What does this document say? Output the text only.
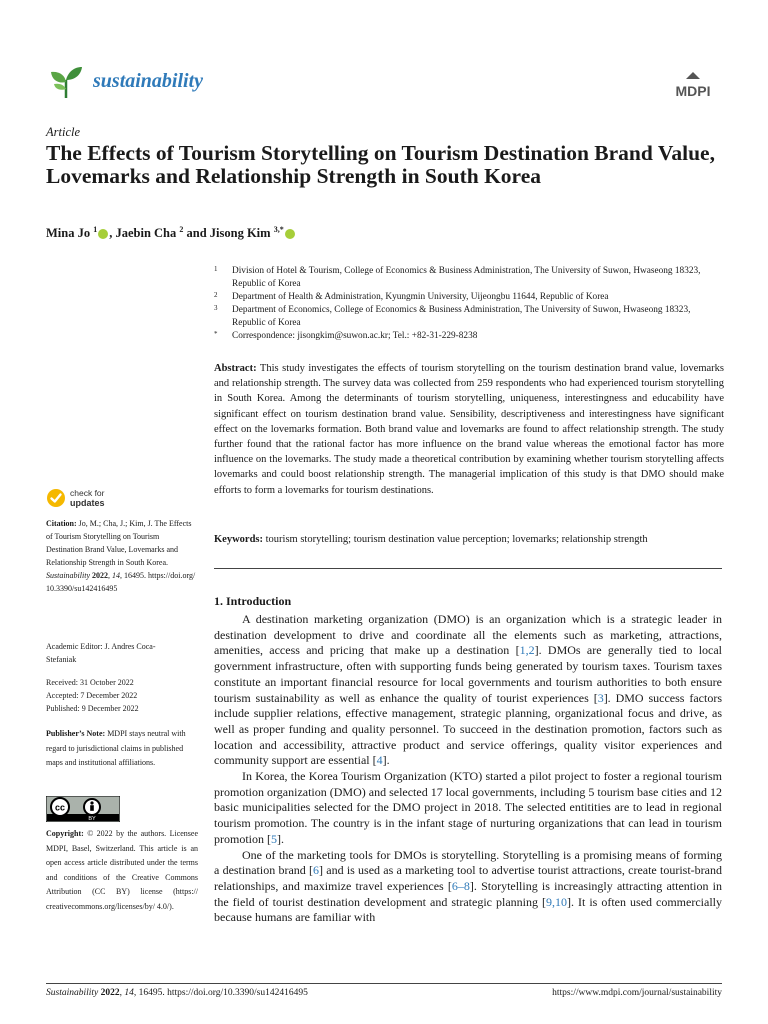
sustainability	MDPI
Article
The Effects of Tourism Storytelling on Tourism Destination Brand Value, Lovemarks and Relationship Strength in South Korea
Mina Jo $^1$ , Jaebin Cha $^2$ and Jisong Kim $^{3,*}$
1	Division of Hotel & Tourism, College of Economics & Business Administration, The University of Suwon, Hwaseong 18323, Republic of Korea
2	Department of Health & Administration, Kyungmin University, Uijeongbu 11644, Republic of Korea
3	Department of Economics, College of Economics & Business Administration, The University of Suwon, Hwaseong 18323, Republic of Korea
*	Correspondence: jisongkim@suwon.ac.kr; Tel.: +82-31-229-8238
Abstract: This study investigates the effects of tourism storytelling on the tourism destination brand value, lovemarks and relationship strength. The survey data was collected from 259 respondents who had experienced tourism storytelling in South Korea. Among the determinants of tourism storytelling, uniqueness, interestingness and educability have significant effect on tourism destination brand value. Sensibility, descriptiveness and interestingness have significant effect on the lovemarks formation. Both brand value and lovemarks are found to affect relationship strength. The study further found that the rational factor has more influence on the brand value whereas the emotional factor has more influence on the lovemarks. The study made a theoretical contribution by examining whether tourism storytelling affects lovemarks and could boost relationship strength. The managerial implication of this study is that DMO should make efforts to form a lovemarks for tourism destinations.
Keywords: tourism storytelling; tourism destination value perception; lovemarks; relationship strength
1. Introduction

A destination marketing organization (DMO) is an organization which is a strategic leader in destination development to drive and coordinate all the elements such as marketing, attractions, amenities, access and pricing that make up a destination [1,2]. DMOs are generally tied to local government infrastructure, often with supporting funds being generated by tourism taxes. Tourism taxes constitute an important financial resource for local governments and tourism authorities to both ensure tourism sustainability as well as enhance the quality of tourist experiences [3]. DMO success factors include supplier relations, effective management, strategic planning, organizational focus and drive, as well as proper funding and quality personnel. To succeed in the destination promotion, factors such as location and accessibility, attractive product and service offerings, quality visitor experiences and community support are essential [4].

In Korea, the Korea Tourism Organization (KTO) started a pilot project to foster a regional tourism promotion organization (DMO) and selected 17 local governments, including 5 tourism base cities and 12 basic municipalities selected for the DMO project in 2018. The selected entitities are to lead in regional tourism promotion. The country is in the infant stage of nurturing organizations that can lead in tourism promotion [5].

One of the marketing tools for DMOs is storytelling. Storytelling is a promising means of forming a destination brand [6] and is used as a marketing tool to advertise tourist attractions, create tourist-brand relationships, and maximize travel experiences [6–8]. Storytelling is increasingly attracting attention in the field of tourist destination development and strategic planning [9,10]. It is often used commercially because humans are familiar with

check for
updates
Citation: Jo, M.; Cha, J.; Kim, J. The Effects of Tourism Storytelling on Tourism Destination Brand Value, Lovemarks and Relationship Strength in South Korea. Sustainability 2022, 14, 16495. https://doi.org/10.3390/su142416495
Academic Editor: J. Andres Coca-Stefaniak
Received: 31 October 2022
Accepted: 7 December 2022
Published: 9 December 2022
Publisher’s Note: MDPI stays neutral with regard to jurisdictional claims in published maps and institutional affiliations.
cc
BY
Copyright: © 2022 by the authors. Licensee MDPI, Basel, Switzerland. This article is an open access article distributed under the terms and conditions of the Creative Commons Attribution (CC BY) license (https:// creativecommons.org/licenses/by/ 4.0/).
Sustainability 2022, 14, 16495. https://doi.org/10.3390/su142416495	https://www.mdpi.com/journal/sustainability
